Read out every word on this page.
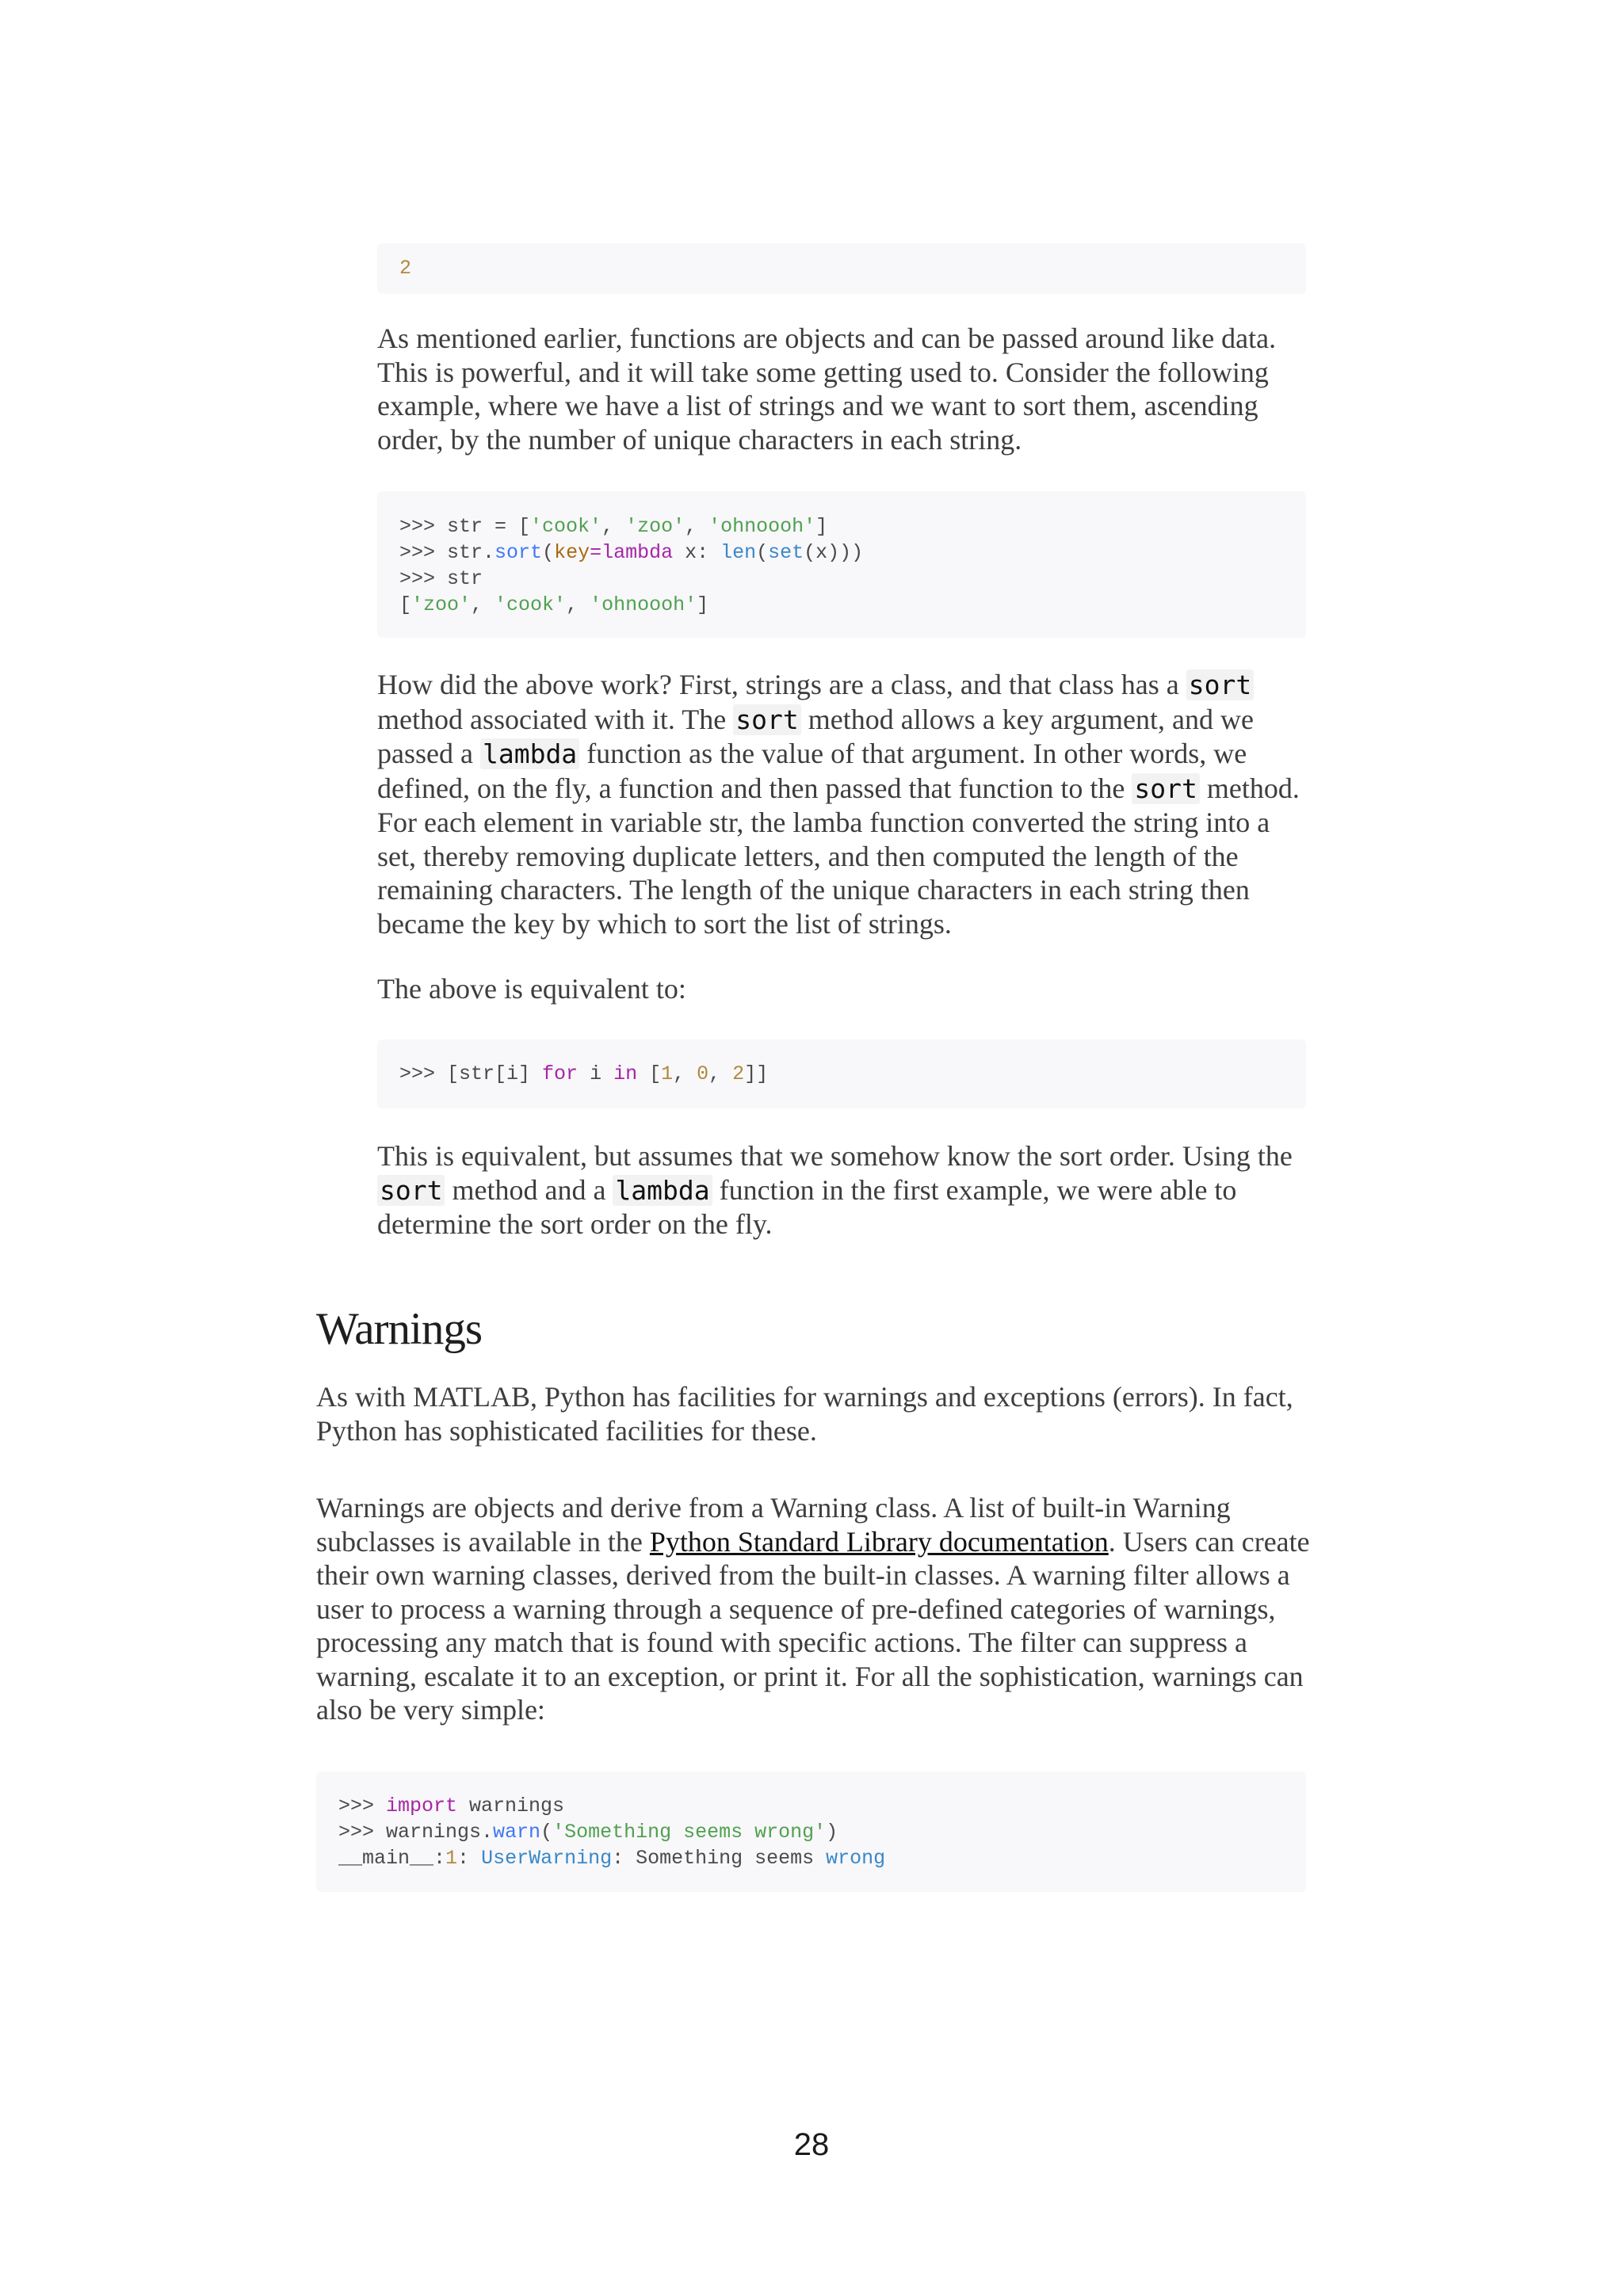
2

As mentioned earlier, functions are objects and can be passed around like data. This is powerful, and it will take some getting used to. Consider the following example, where we have a list of strings and we want to sort them, ascending order, by the number of unique characters in each string.

>>> str = ['cook', 'zoo', 'ohnoooh']
>>> str.sort(key=lambda x: len(set(x)))
>>> str
['zoo', 'cook', 'ohnoooh']

How did the above work? First, strings are a class, and that class has a sort method associated with it. The sort method allows a key argument, and we passed a lambda function as the value of that argument. In other words, we defined, on the fly, a function and then passed that function to the sort method. For each element in variable str, the lamba function converted the string into a set, thereby removing duplicate letters, and then computed the length of the remaining characters. The length of the unique characters in each string then became the key by which to sort the list of strings.

The above is equivalent to:

>>> [str[i] for i in [1, 0, 2]]

This is equivalent, but assumes that we somehow know the sort order. Using the sort method and a lambda function in the first example, we were able to determine the sort order on the fly.

Warnings

As with MATLAB, Python has facilities for warnings and exceptions (errors). In fact, Python has sophisticated facilities for these.

Warnings are objects and derive from a Warning class. A list of built-in Warning subclasses is available in the Python Standard Library documentation. Users can create their own warning classes, derived from the built-in classes. A warning filter allows a user to process a warning through a sequence of pre-defined categories of warnings, processing any match that is found with specific actions. The filter can suppress a warning, escalate it to an exception, or print it. For all the sophistication, warnings can also be very simple:

>>> import warnings
>>> warnings.warn('Something seems wrong')
__main__:1: UserWarning: Something seems wrong
28
